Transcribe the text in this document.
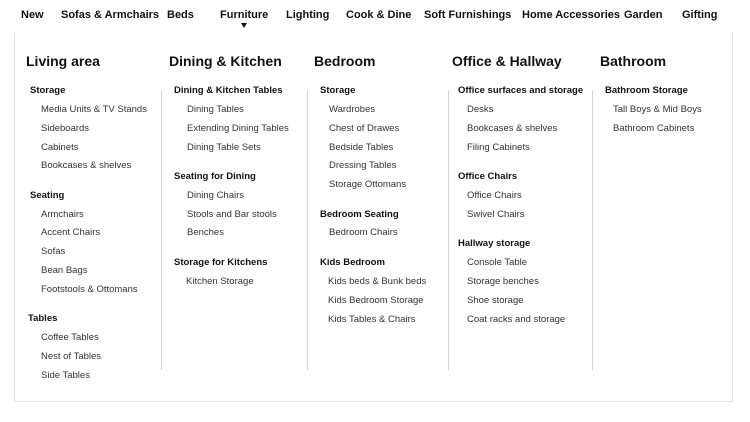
New Sofas & Armchairs Beds Furniture Lighting Cook & Dine Soft Furnishings Home Accessories Garden Gifting
Living area
Storage
Media Units & TV Stands
Sideboards
Cabinets
Bookcases & shelves
Seating
Armchairs
Accent Chairs
Sofas
Bean Bags
Footstools & Ottomans
Tables
Coffee Tables
Nest of Tables
Side Tables
Dining & Kitchen
Dining & Kitchen Tables
Dining Tables
Extending Dining Tables
Dining Table Sets
Seating for Dining
Dining Chairs
Stools and Bar stools
Benches
Storage for Kitchens
Kitchen Storage
Bedroom
Storage
Wardrobes
Chest of Drawes
Bedside Tables
Dressing Tables
Storage Ottomans
Bedroom Seating
Bedroom Chairs
Kids Bedroom
Kids beds & Bunk beds
Kids Bedroom Storage
Kids Tables & Chairs
Office & Hallway
Office surfaces and storage
Desks
Bookcases & shelves
Filing Cabinets
Office Chairs
Office Chairs
Swivel Chairs
Hallway storage
Console Table
Storage benches
Shoe storage
Coat racks and storage
Bathroom
Bathroom Storage
Tall Boys & Mid Boys
Bathroom Cabinets
